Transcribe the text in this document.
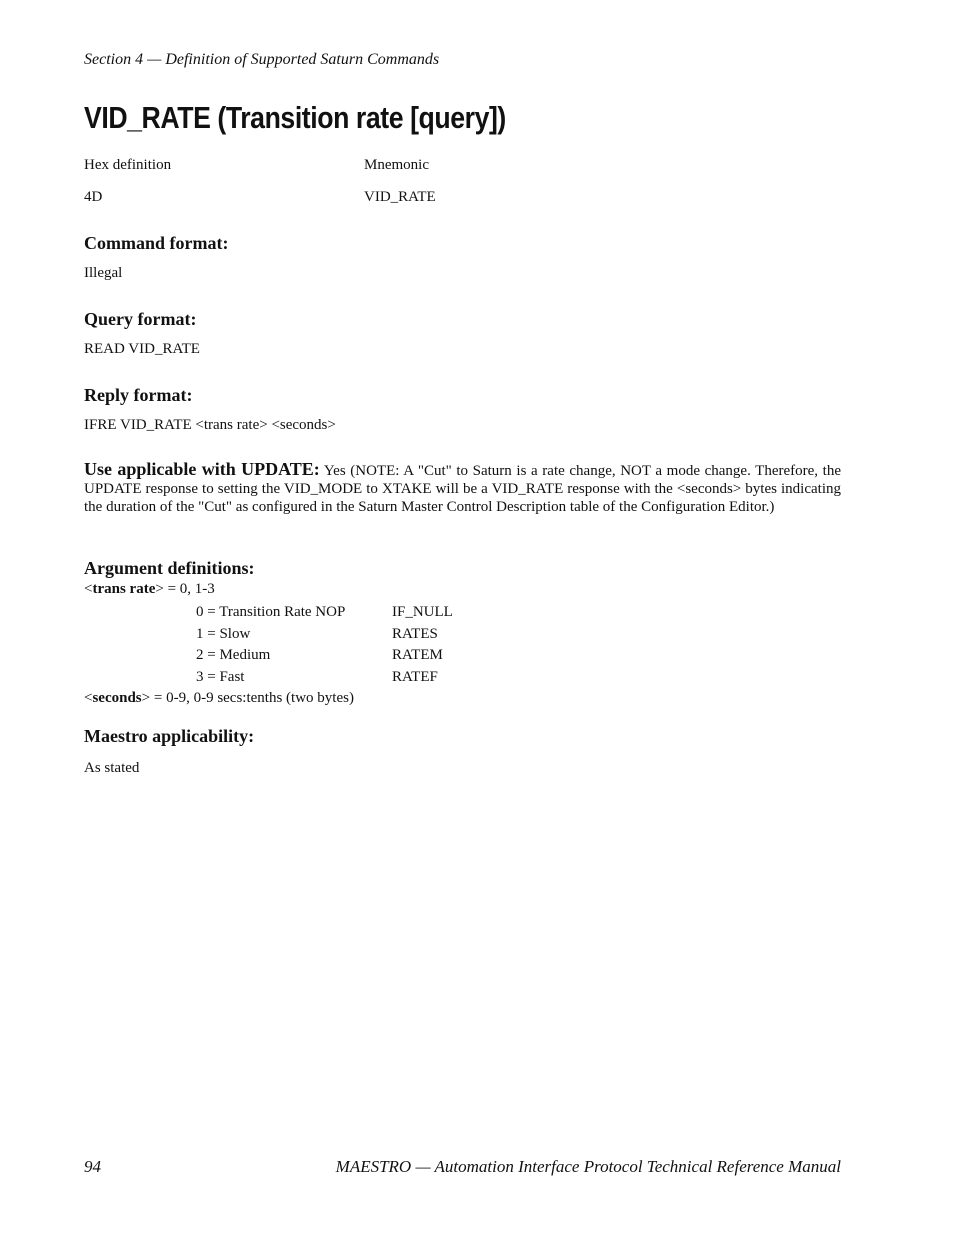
Section 4 — Definition of Supported Saturn Commands
VID_RATE (Transition rate [query])
Hex definition	Mnemonic
4D	VID_RATE
Command format:
Illegal
Query format:
READ VID_RATE
Reply format:
IFRE VID_RATE <trans rate> <seconds>

Use applicable with UPDATE: Yes (NOTE: A "Cut" to Saturn is a rate change, NOT a mode change. Therefore, the UPDATE response to setting the VID_MODE to XTAKE will be a VID_RATE response with the <seconds> bytes indicating the duration of the "Cut" as configured in the Saturn Master Control Description table of the Configuration Editor.)

Argument definitions:
<trans rate> = 0, 1-3
0 = Transition Rate NOP	IF_NULL
1 = Slow	RATES
2 = Medium	RATEM
3 = Fast	RATEF
<seconds> = 0-9, 0-9 secs:tenths (two bytes)
Maestro applicability:
As stated
94	MAESTRO — Automation Interface Protocol Technical Reference Manual
